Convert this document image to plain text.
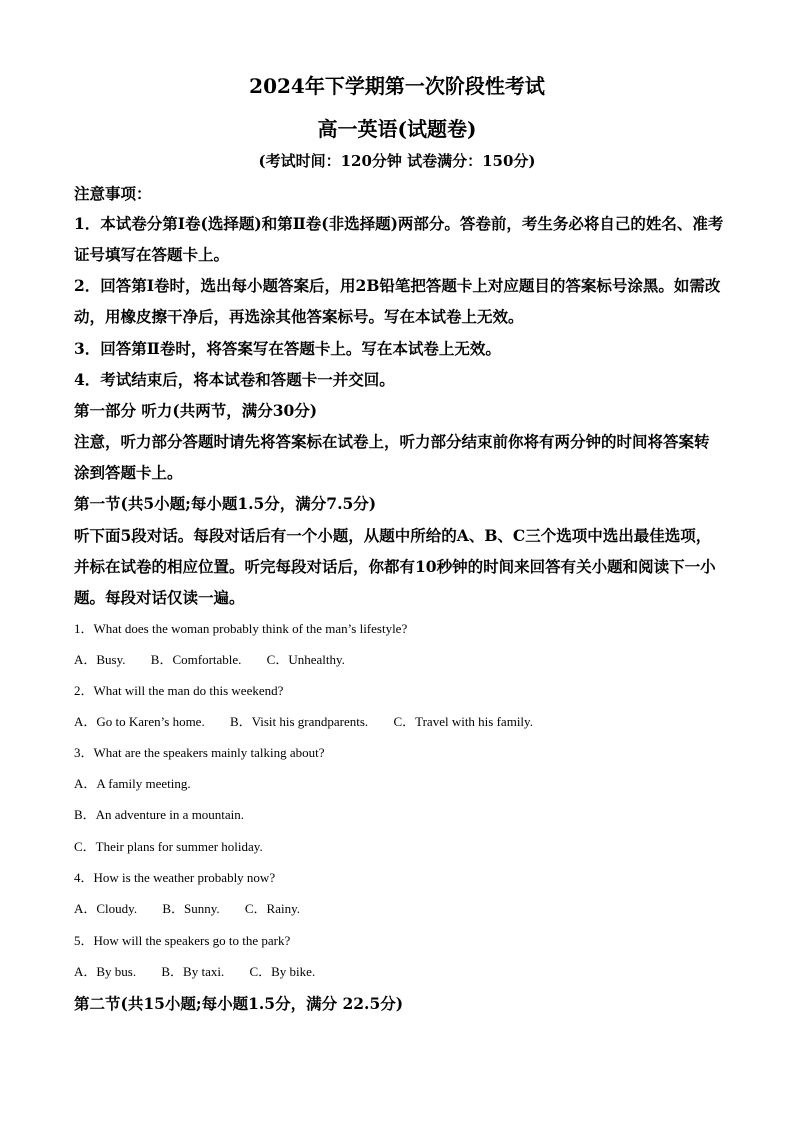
2024年下学期第一次阶段性考试
高一英语(试题卷)
(考试时间：120分钟 试卷满分：150分)
注意事项：
1．本试卷分第Ⅰ卷(选择题)和第Ⅱ卷(非选择题)两部分。答卷前，考生务必将自己的姓名、准考证号填写在答题卡上。
2．回答第Ⅰ卷时，选出每小题答案后，用2B铅笔把答题卡上对应题目的答案标号涂黑。如需改动，用橡皮擦干净后，再选涂其他答案标号。写在本试卷上无效。
3．回答第Ⅱ卷时，将答案写在答题卡上。写在本试卷上无效。
4．考试结束后，将本试卷和答题卡一并交回。
第一部分 听力(共两节，满分30分)
注意，听力部分答题时请先将答案标在试卷上，听力部分结束前你将有两分钟的时间将答案转涂到答题卡上。
第一节(共5小题;每小题1.5分，满分7.5分)
听下面5段对话。每段对话后有一个小题，从题中所给的A、B、C三个选项中选出最佳选项，并标在试卷的相应位置。听完每段对话后，你都有10秒钟的时间来回答有关小题和阅读下一小题。每段对话仅读一遍。
1．What does the woman probably think of the man’s lifestyle?
A．Busy. B．Comfortable. C．Unhealthy.
2．What will the man do this weekend?
A．Go to Karen’s home. B．Visit his grandparents. C．Travel with his family.
3．What are the speakers mainly talking about?
A．A family meeting.
B．An adventure in a mountain.
C．Their plans for summer holiday.
4．How is the weather probably now?
A．Cloudy. B．Sunny. C．Rainy.
5．How will the speakers go to the park?
A．By bus. B．By taxi. C．By bike.
第二节(共15小题;每小题1.5分，满分 22.5分)
